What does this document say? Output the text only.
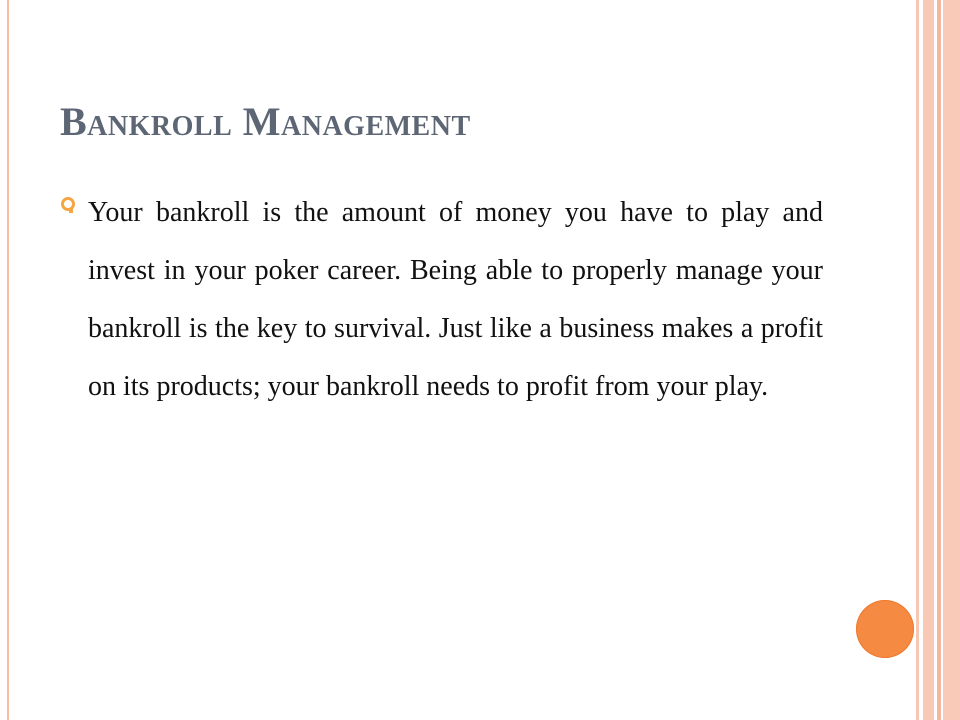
Bankroll Management
Your bankroll is the amount of money you have to play and invest in your poker career. Being able to properly manage your bankroll is the key to survival. Just like a business makes a profit on its products; your bankroll needs to profit from your play.
